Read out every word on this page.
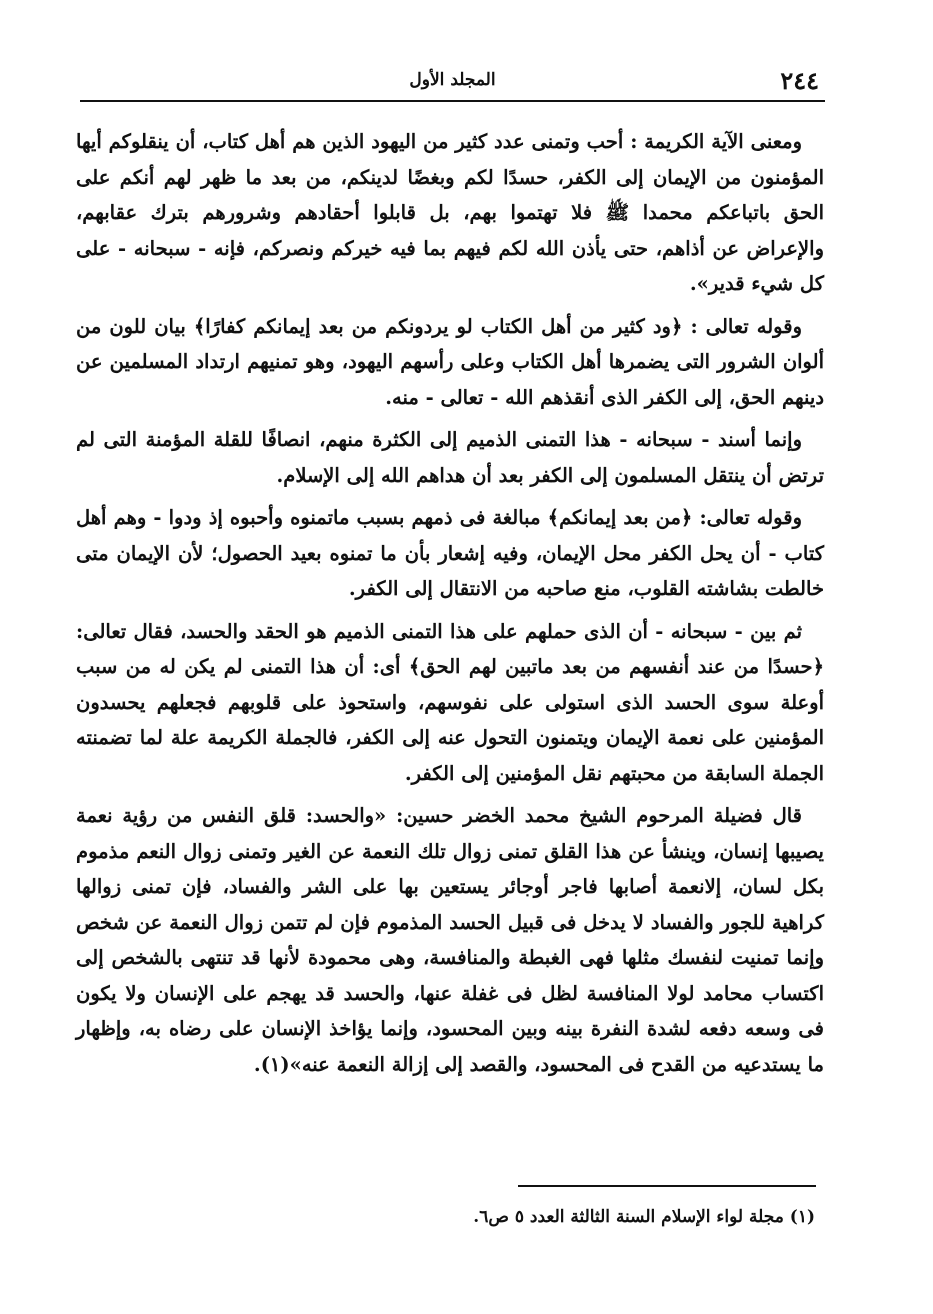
٢٤٤
المجلد الأول

ومعنى الآية الكريمة : أحب وتمنى عدد كثير من اليهود الذين هم أهل كتاب، أن ينقلوكم أيها المؤمنون من الإيمان إلى الكفر، حسدًا لكم وبغضًا لدينكم، من بعد ما ظهر لهم أنكم على الحق باتباعكم محمدا ﷺ فلا تهتموا بهم، بل قابلوا أحقادهم وشرورهم بترك عقابهم، والإعراض عن أذاهم، حتى يأذن الله لكم فيهم بما فيه خيركم ونصركم، فإنه - سبحانه - على كل شيء قدير».

وقوله تعالى : ﴿ود كثير من أهل الكتاب لو يردونكم من بعد إيمانكم كفارًا﴾ بيان للون من ألوان الشرور التى يضمرها أهل الكتاب وعلى رأسهم اليهود، وهو تمنيهم ارتداد المسلمين عن دينهم الحق، إلى الكفر الذى أنقذهم الله - تعالى - منه.

وإنما أسند - سبحانه - هذا التمنى الذميم إلى الكثرة منهم، انصافًا للقلة المؤمنة التى لم ترتض أن ينتقل المسلمون إلى الكفر بعد أن هداهم الله إلى الإسلام.

وقوله تعالى: ﴿من بعد إيمانكم﴾ مبالغة فى ذمهم بسبب ماتمنوه وأحبوه إذ ودوا - وهم أهل كتاب - أن يحل الكفر محل الإيمان، وفيه إشعار بأن ما تمنوه بعيد الحصول؛ لأن الإيمان متى خالطت بشاشته القلوب، منع صاحبه من الانتقال إلى الكفر.

ثم بين - سبحانه - أن الذى حملهم على هذا التمنى الذميم هو الحقد والحسد، فقال تعالى: ﴿حسدًا من عند أنفسهم من بعد ماتبين لهم الحق﴾ أى: أن هذا التمنى لم يكن له من سبب أوعلة سوى الحسد الذى استولى على نفوسهم، واستحوذ على قلوبهم فجعلهم يحسدون المؤمنين على نعمة الإيمان ويتمنون التحول عنه إلى الكفر، فالجملة الكريمة علة لما تضمنته الجملة السابقة من محبتهم نقل المؤمنين إلى الكفر.

قال فضيلة المرحوم الشيخ محمد الخضر حسين: «والحسد: قلق النفس من رؤية نعمة يصيبها إنسان، وينشأ عن هذا القلق تمنى زوال تلك النعمة عن الغير وتمنى زوال النعم مذموم بكل لسان، إلانعمة أصابها فاجر أوجائر يستعين بها على الشر والفساد، فإن تمنى زوالها كراهية للجور والفساد لا يدخل فى قبيل الحسد المذموم فإن لم تتمن زوال النعمة عن شخص وإنما تمنيت لنفسك مثلها فهى الغبطة والمنافسة، وهى محمودة لأنها قد تنتهى بالشخص إلى اكتساب محامد لولا المنافسة لظل فى غفلة عنها، والحسد قد يهجم على الإنسان ولا يكون فى وسعه دفعه لشدة النفرة بينه وبين المحسود، وإنما يؤاخذ الإنسان على رضاه به، وإظهار ما يستدعيه من القدح فى المحسود، والقصد إلى إزالة النعمة عنه»(١).

(١) مجلة لواء الإسلام السنة الثالثة العدد ٥ ص٦.
